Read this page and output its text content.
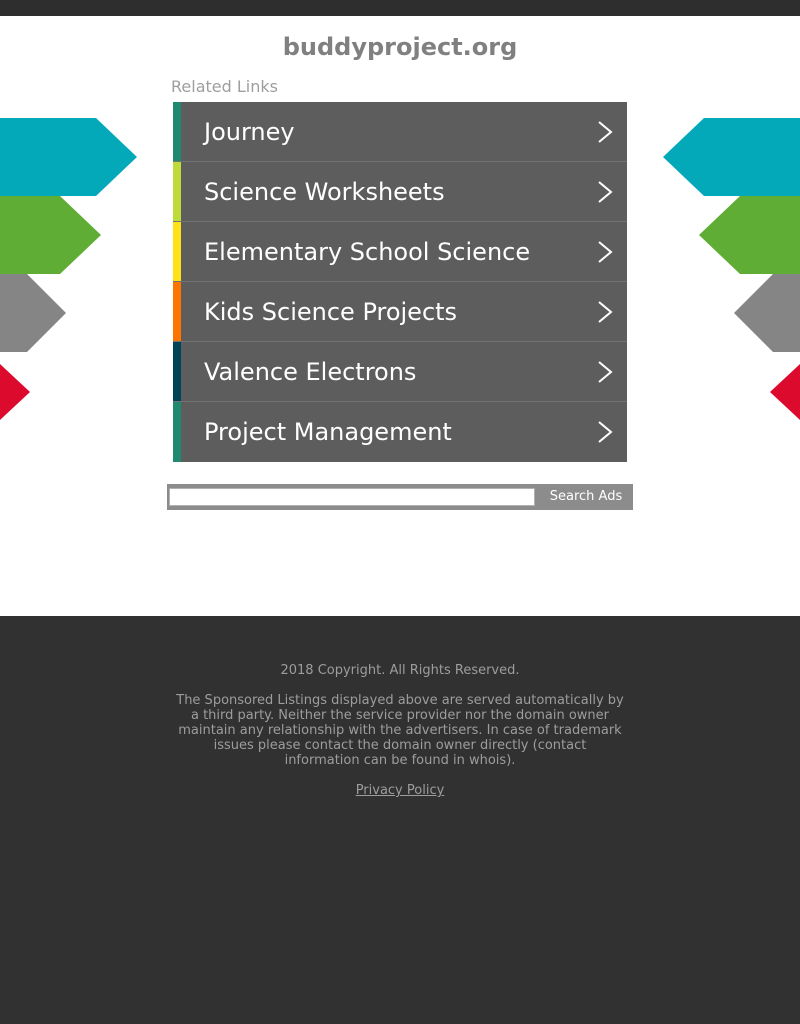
buddyproject.org
Related Links
Journey
Science Worksheets
Elementary School Science
Kids Science Projects
Valence Electrons
Project Management
Search Ads
2018 Copyright. All Rights Reserved.
The Sponsored Listings displayed above are served automatically by a third party. Neither the service provider nor the domain owner maintain any relationship with the advertisers. In case of trademark issues please contact the domain owner directly (contact information can be found in whois).
Privacy Policy
